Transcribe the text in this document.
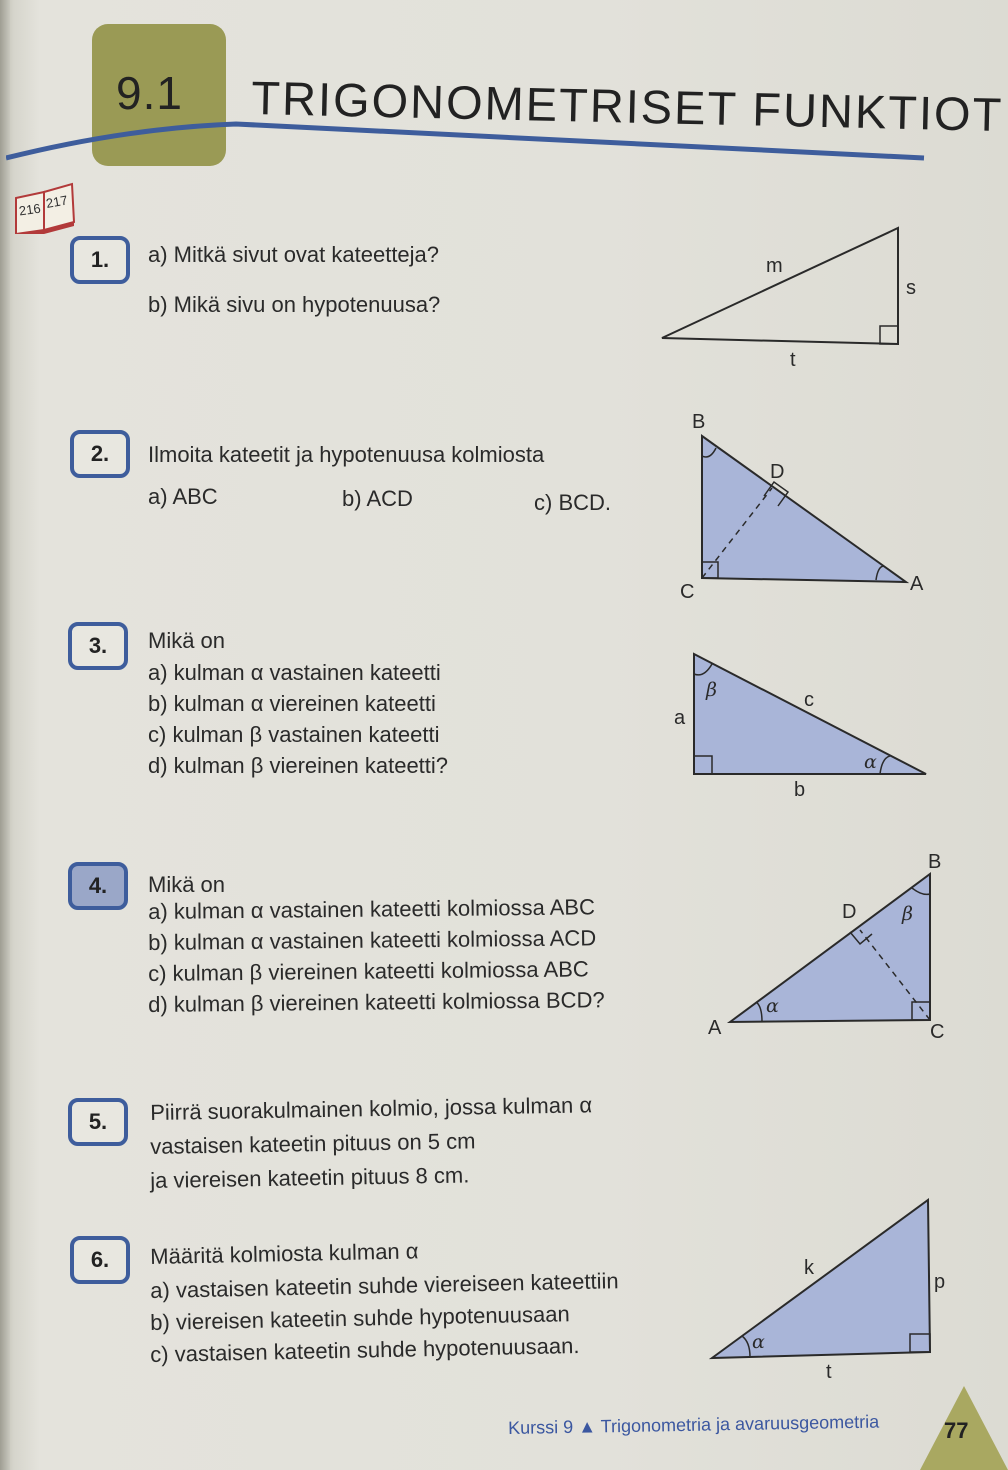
9.1 TRIGONOMETRISET FUNKTIOT
216 217
1.	a) Mitkä sivut ovat kateetteja?
b) Mikä sivu on hypotenuusa?
m
s
t
2.	Ilmoita kateetit ja hypotenuusa kolmiosta
a) ABC	b) ACD	c) BCD.
B
D
C	A
3.	Mikä on
a) kulman α vastainen kateetti
b) kulman α viereinen kateetti
c) kulman β vastainen kateetti
d) kulman β viereinen kateetti?
β
α
a
c
b
4.	Mikä on
a) kulman α vastainen kateetti kolmiossa ABC
b) kulman α vastainen kateetti kolmiossa ACD
c) kulman β viereinen kateetti kolmiossa ABC
d) kulman β viereinen kateetti kolmiossa BCD?	α
β
B
D
A	C
5.	Piirrä suorakulmainen kolmio, jossa kulman α
vastaisen kateetin pituus on 5 cm
ja viereisen kateetin pituus 8 cm.
6.	Määritä kolmiosta kulman α
a) vastaisen kateetin suhde viereiseen kateettiin
b) viereisen kateetin suhde hypotenuusaan
c) vastaisen kateetin suhde hypotenuusaan.	α
k
p
t
Kurssi 9 ▲ Trigonometria ja avaruusgeometria	77
